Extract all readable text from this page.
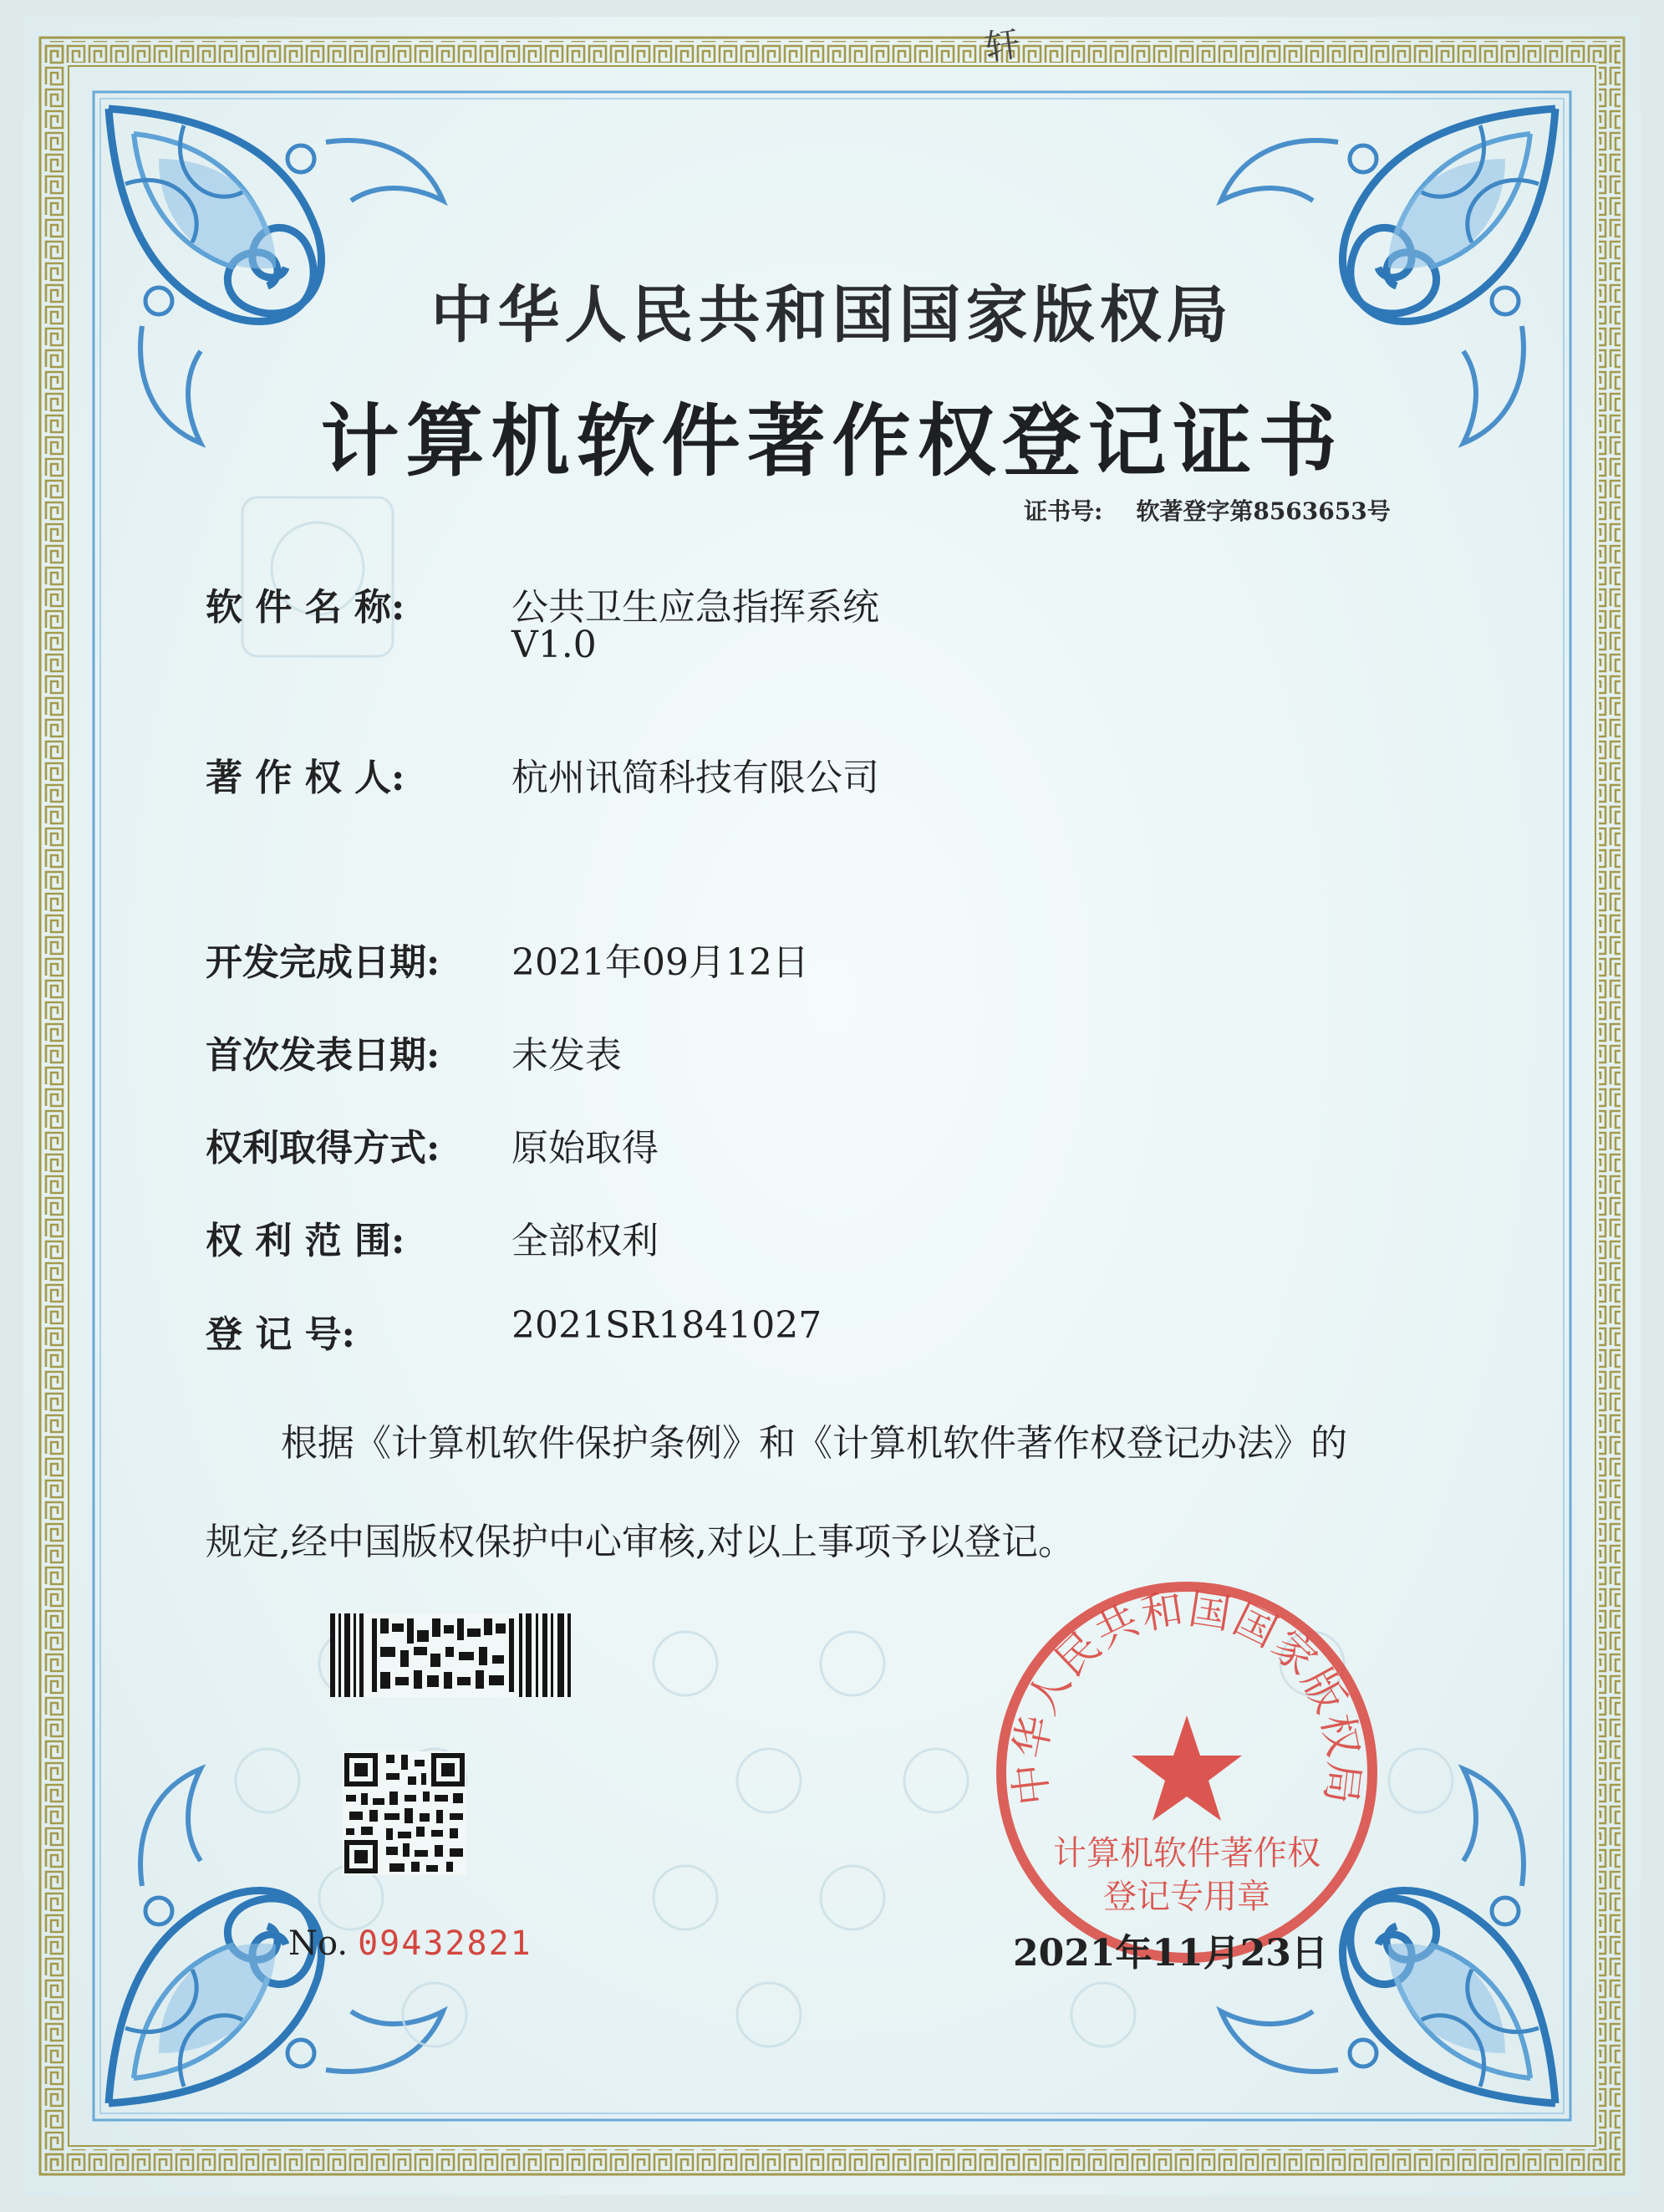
轩
中华人民共和国国家版权局
计算机软件著作权登记证书
证书号: 软著登字第8563653号
软 件 名 称:	公共卫生应急指挥系统
V1.0
著 作 权 人:	杭州讯简科技有限公司
开发完成日期: 2021年09月12日
首次发表日期: 未发表
权利取得方式: 原始取得
权 利 范 围:	全部权利
登 记 号:	2021SR1841027
根据《计算机软件保护条例》和《计算机软件著作权登记办法》的
规定,经中国版权保护中心审核,对以上事项予以登记。
中华人民共和国国家版权局
计算机软件著作权
登记专用章
No. 09432821	2021年11月23日
